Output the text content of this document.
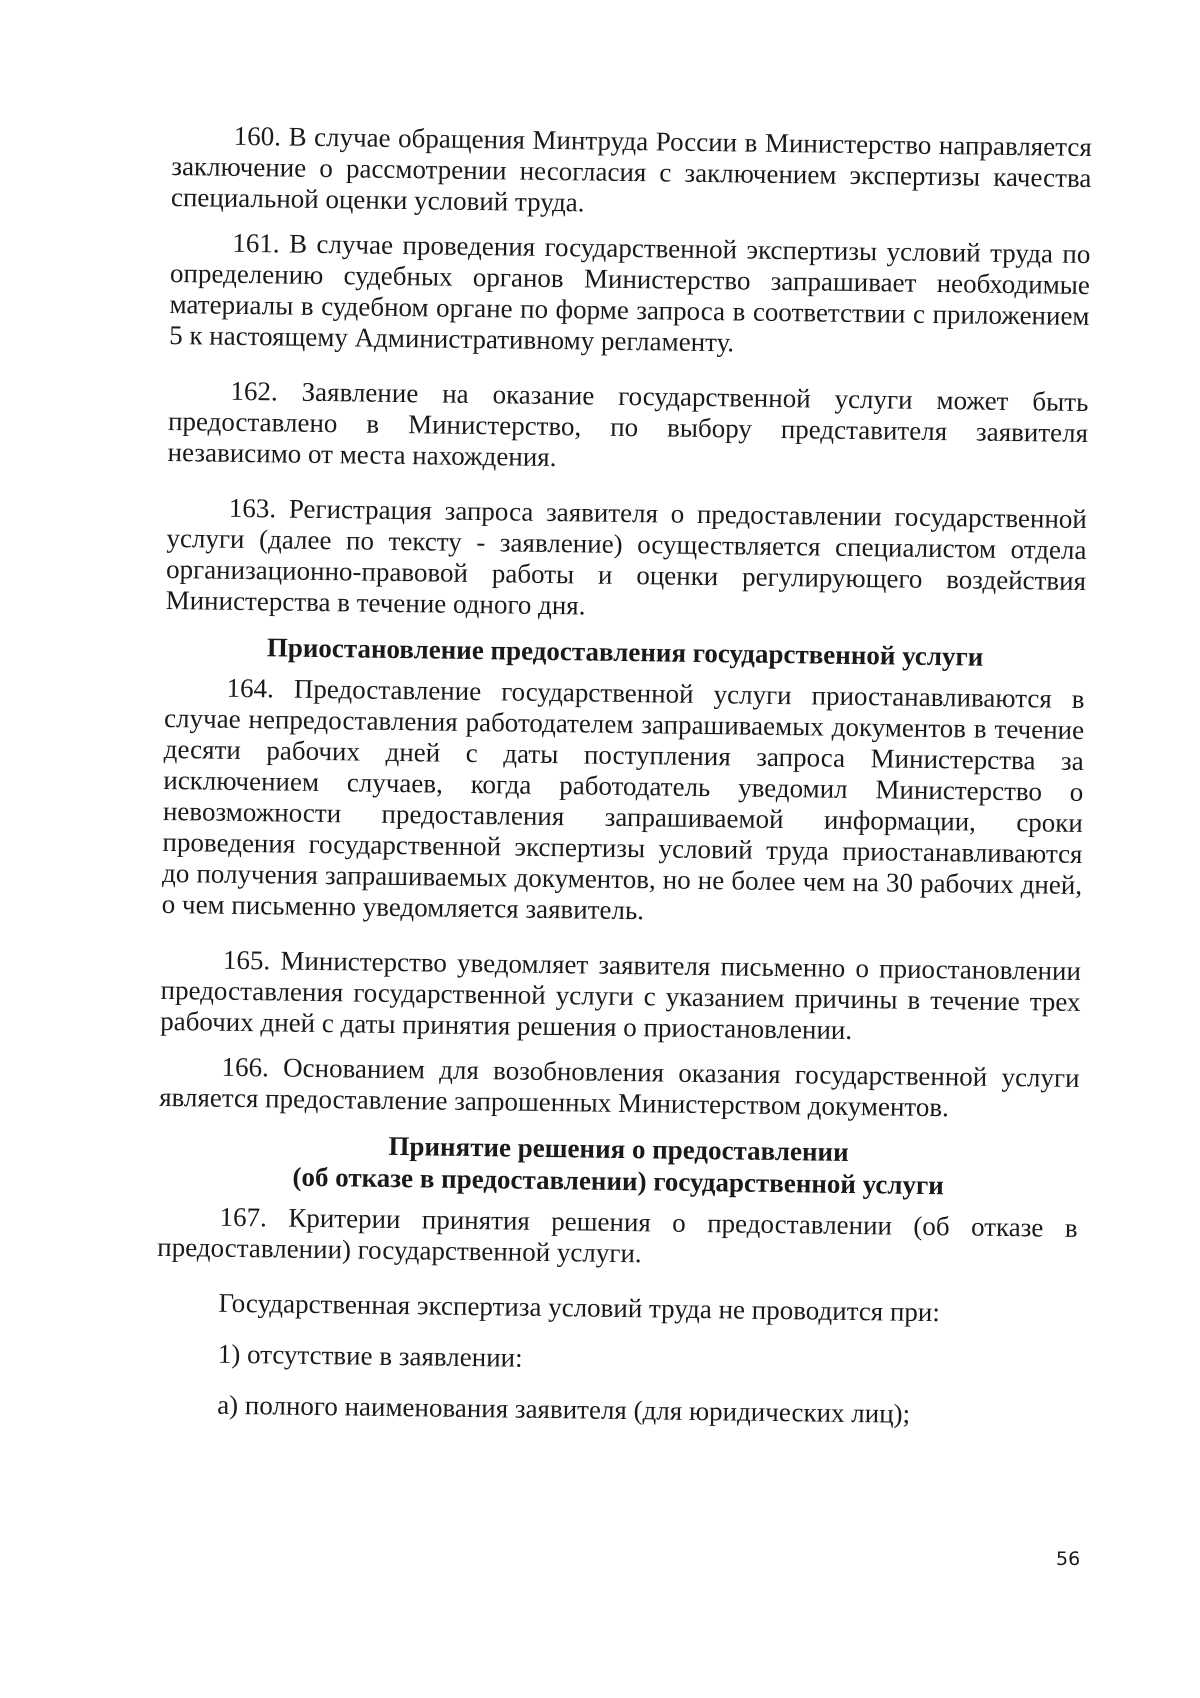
160. В случае обращения Минтруда России в Министерство направляется заключение о рассмотрении несогласия с заключением экспертизы качества специальной оценки условий труда.

161. В случае проведения государственной экспертизы условий труда по определению судебных органов Министерство запрашивает необходимые материалы в судебном органе по форме запроса в соответствии с приложением 5 к настоящему Административному регламенту.

162. Заявление на оказание государственной услуги может быть предоставлено в Министерство, по выбору представителя заявителя независимо от места нахождения.

163. Регистрация запроса заявителя о предоставлении государственной услуги (далее по тексту - заявление) осуществляется специалистом отдела организационно-правовой работы и оценки регулирующего воздействия Министерства в течение одного дня.

Приостановление предоставления государственной услуги

164. Предоставление государственной услуги приостанавливаются в случае непредоставления работодателем запрашиваемых документов в течение десяти рабочих дней с даты поступления запроса Министерства за исключением случаев, когда работодатель уведомил Министерство о невозможности предоставления запрашиваемой информации, сроки проведения государственной экспертизы условий труда приостанавливаются до получения запрашиваемых документов, но не более чем на 30 рабочих дней, о чем письменно уведомляется заявитель.

165. Министерство уведомляет заявителя письменно о приостановлении предоставления государственной услуги с указанием причины в течение трех рабочих дней с даты принятия решения о приостановлении.

166. Основанием для возобновления оказания государственной услуги является предоставление запрошенных Министерством документов.

Принятие решения о предоставлении
(об отказе в предоставлении) государственной услуги

167. Критерии принятия решения о предоставлении (об отказе в предоставлении) государственной услуги.

Государственная экспертиза условий труда не проводится при:

1) отсутствие в заявлении:

а) полного наименования заявителя (для юридических лиц);

56
